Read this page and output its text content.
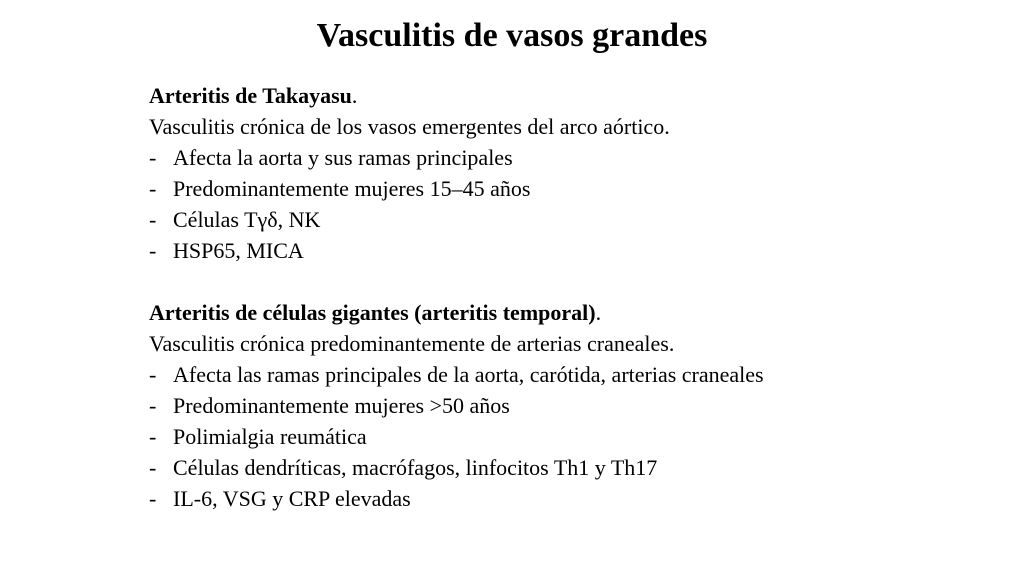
Vasculitis de vasos grandes
Arteritis de Takayasu.
Vasculitis crónica de los vasos emergentes del arco aórtico.
- Afecta la aorta y sus ramas principales
- Predominantemente mujeres 15–45 años
- Células Tγδ, NK
- HSP65, MICA
Arteritis de células gigantes (arteritis temporal).
Vasculitis crónica predominantemente de arterias craneales.
- Afecta las ramas principales de la aorta, carótida, arterias craneales
- Predominantemente mujeres >50 años
- Polimialgia reumática
- Células dendríticas, macrófagos, linfocitos Th1 y Th17
- IL-6, VSG y CRP elevadas
